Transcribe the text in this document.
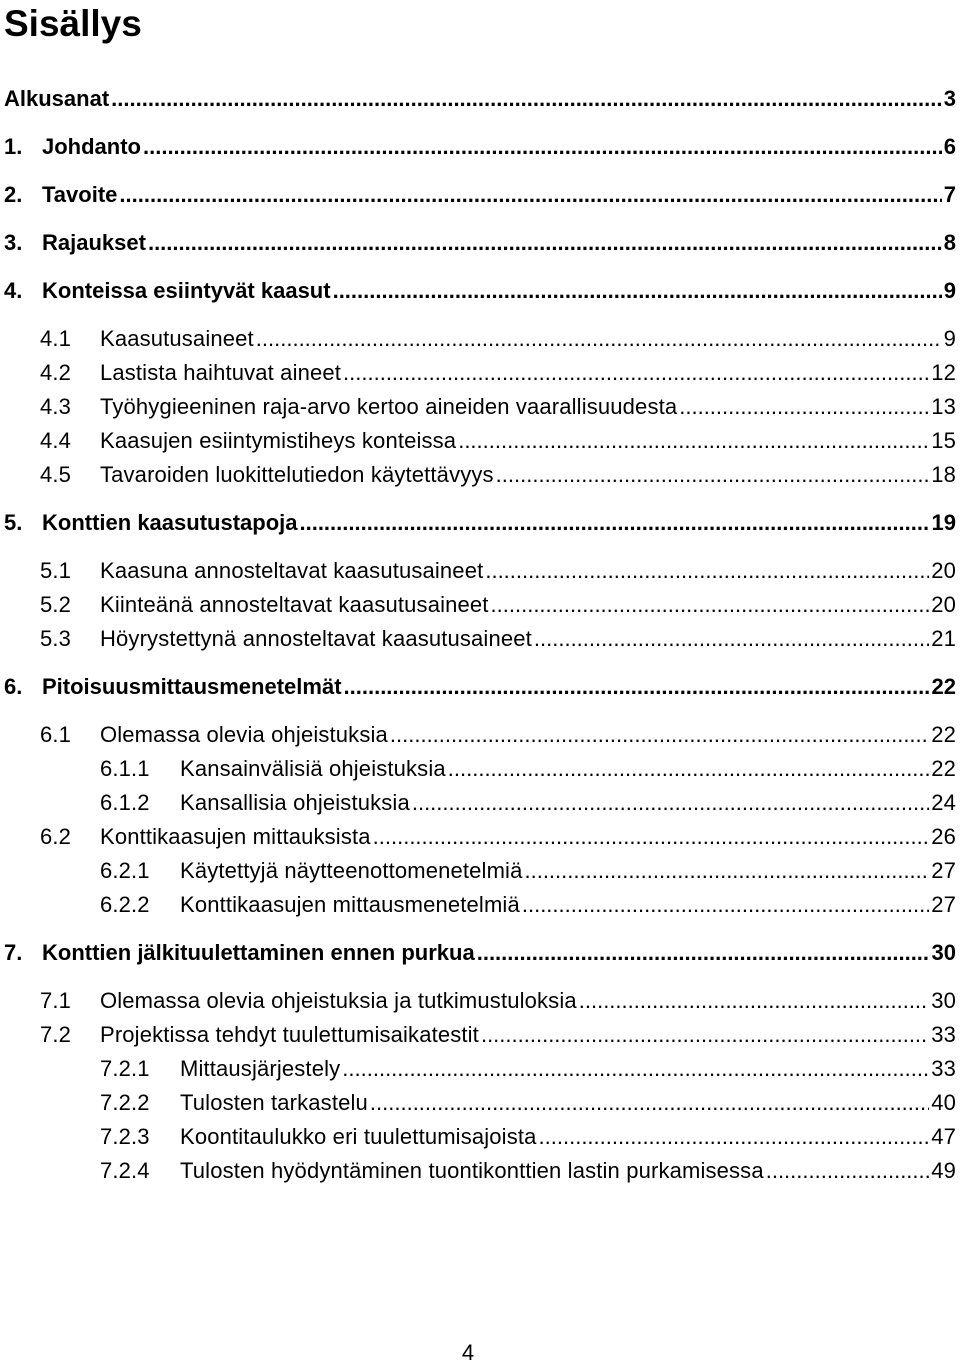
Sisällys
Alkusanat .....	3
1. Johdanto .....	6
2. Tavoite .....	7
3. Rajaukset .....	8
4. Konteissa esiintyvät kaasut .....	9
4.1	Kaasutusaineet .....	9
4.2	Lastista haihtuvat aineet .....	12
4.3	Työhygieeninen raja-arvo kertoo aineiden vaarallisuudesta .....	13
4.4	Kaasujen esiintymistiheys konteissa .....	15
4.5	Tavaroiden luokittelutiedon käytettävyys .....	18
5. Konttien kaasutustapoja .....	19
5.1	Kaasuna annosteltavat kaasutusaineet .....	20
5.2	Kiinteänä annosteltavat kaasutusaineet .....	20
5.3	Höyrystettynä annosteltavat kaasutusaineet .....	21
6. Pitoisuusmittausmenetelmät .....	22
6.1	Olemassa olevia ohjeistuksia .....	22
6.1.1	Kansainvälisiä ohjeistuksia .....	22
6.1.2	Kansallisia ohjeistuksia .....	24
6.2	Konttikaasujen mittauksista .....	26
6.2.1	Käytettyjä näytteenottomenetelmiä .....	27
6.2.2	Konttikaasujen mittausmenetelmiä .....	27
7. Konttien jälkituulettaminen ennen purkua .....	30
7.1	Olemassa olevia ohjeistuksia ja tutkimustuloksia .....	30
7.2	Projektissa tehdyt tuulettumisaikatestit .....	33
7.2.1	Mittausjärjestely .....	33
7.2.2	Tulosten tarkastelu .....	40
7.2.3	Koontitaulukko eri tuulettumisajoista .....	47
7.2.4	Tulosten hyödyntäminen tuontikonttien lastin purkamisessa .....	49
4
